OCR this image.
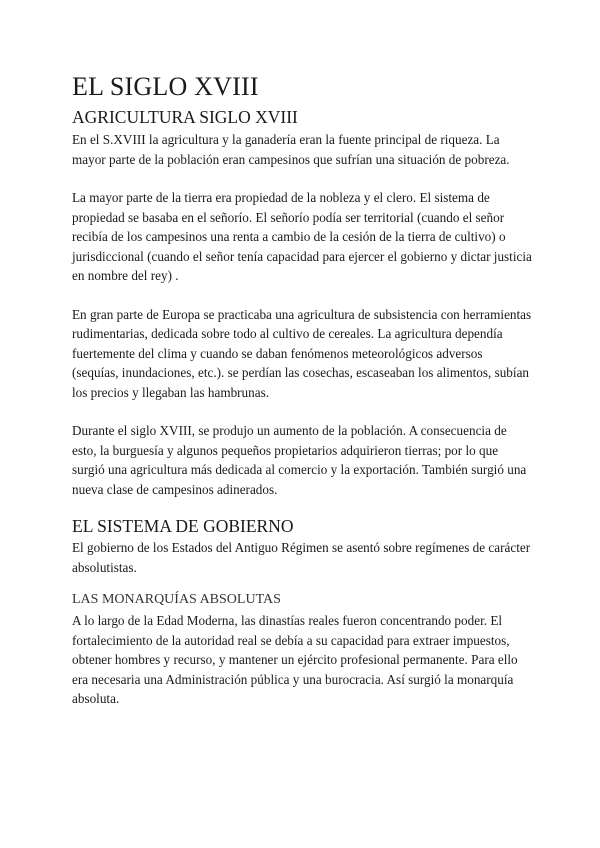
EL SIGLO XVIII
AGRICULTURA SIGLO XVIII

En el S.XVIII la agricultura y la ganadería eran la fuente principal de riqueza. La mayor parte de la población eran campesinos que sufrían una situación de pobreza.

La mayor parte de la tierra era propiedad de la nobleza y el clero. El sistema de propiedad se basaba en el señorío. El señorío podía ser territorial (cuando el señor recibía de los campesinos una renta a cambio de la cesión de la tierra de cultivo) o jurisdiccional (cuando el señor tenía capacidad para ejercer el gobierno y dictar justicia en nombre del rey) .

En gran parte de Europa se practicaba una agricultura de subsistencia con herramientas rudimentarias, dedicada sobre todo al cultivo de cereales. La agricultura dependía fuertemente del clima y cuando se daban fenómenos meteorológicos adversos (sequías, inundaciones, etc.). se perdían las cosechas, escaseaban los alimentos, subían los precios y llegaban las hambrunas.

Durante el siglo XVIII, se produjo un aumento de la población. A consecuencia de esto, la burguesía y algunos pequeños propietarios adquirieron tierras; por lo que surgió una agricultura más dedicada al comercio y la exportación. También surgió una nueva clase de campesinos adinerados.

EL SISTEMA DE GOBIERNO

El gobierno de los Estados del Antiguo Régimen se asentó sobre regímenes de carácter absolutistas.

LAS MONARQUÍAS ABSOLUTAS

A lo largo de la Edad Moderna, las dinastías reales fueron concentrando poder. El fortalecimiento de la autoridad real se debía a su capacidad para extraer impuestos, obtener hombres y recurso, y mantener un ejército profesional permanente. Para ello era necesaria una Administración pública y una burocracia. Así surgió la monarquía absoluta.
